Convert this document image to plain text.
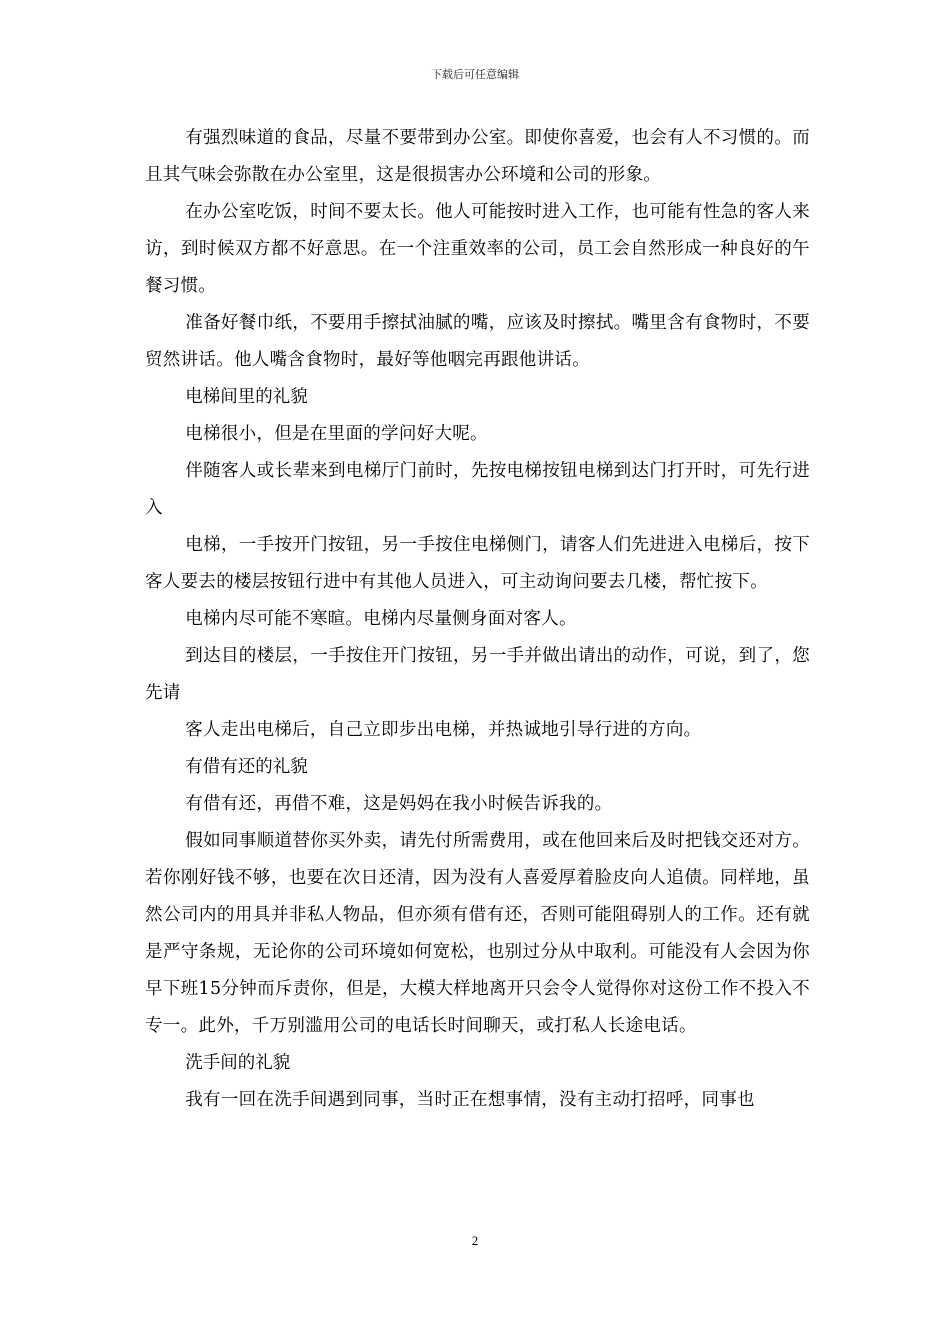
下载后可任意编辑

有强烈味道的食品，尽量不要带到办公室。即使你喜爱，也会有人不习惯的。而且其气味会弥散在办公室里，这是很损害办公环境和公司的形象。

在办公室吃饭，时间不要太长。他人可能按时进入工作，也可能有性急的客人来访，到时候双方都不好意思。在一个注重效率的公司，员工会自然形成一种良好的午餐习惯。

准备好餐巾纸，不要用手擦拭油腻的嘴，应该及时擦拭。嘴里含有食物时，不要贸然讲话。他人嘴含食物时，最好等他咽完再跟他讲话。

电梯间里的礼貌

电梯很小，但是在里面的学问好大呢。

伴随客人或长辈来到电梯厅门前时，先按电梯按钮电梯到达门打开时，可先行进入

电梯，一手按开门按钮，另一手按住电梯侧门，请客人们先进进入电梯后，按下客人要去的楼层按钮行进中有其他人员进入，可主动询问要去几楼，帮忙按下。

电梯内尽可能不寒暄。电梯内尽量侧身面对客人。

到达目的楼层，一手按住开门按钮，另一手并做出请出的动作，可说，到了，您先请

客人走出电梯后，自己立即步出电梯，并热诚地引导行进的方向。

有借有还的礼貌

有借有还，再借不难，这是妈妈在我小时候告诉我的。

假如同事顺道替你买外卖，请先付所需费用，或在他回来后及时把钱交还对方。若你刚好钱不够，也要在次日还清，因为没有人喜爱厚着脸皮向人追债。同样地，虽然公司内的用具并非私人物品，但亦须有借有还，否则可能阻碍别人的工作。还有就是严守条规，无论你的公司环境如何宽松，也别过分从中取利。可能没有人会因为你早下班15分钟而斥责你，但是，大模大样地离开只会令人觉得你对这份工作不投入不专一。此外，千万别滥用公司的电话长时间聊天，或打私人长途电话。

洗手间的礼貌

我有一回在洗手间遇到同事，当时正在想事情，没有主动打招呼，同事也

2
